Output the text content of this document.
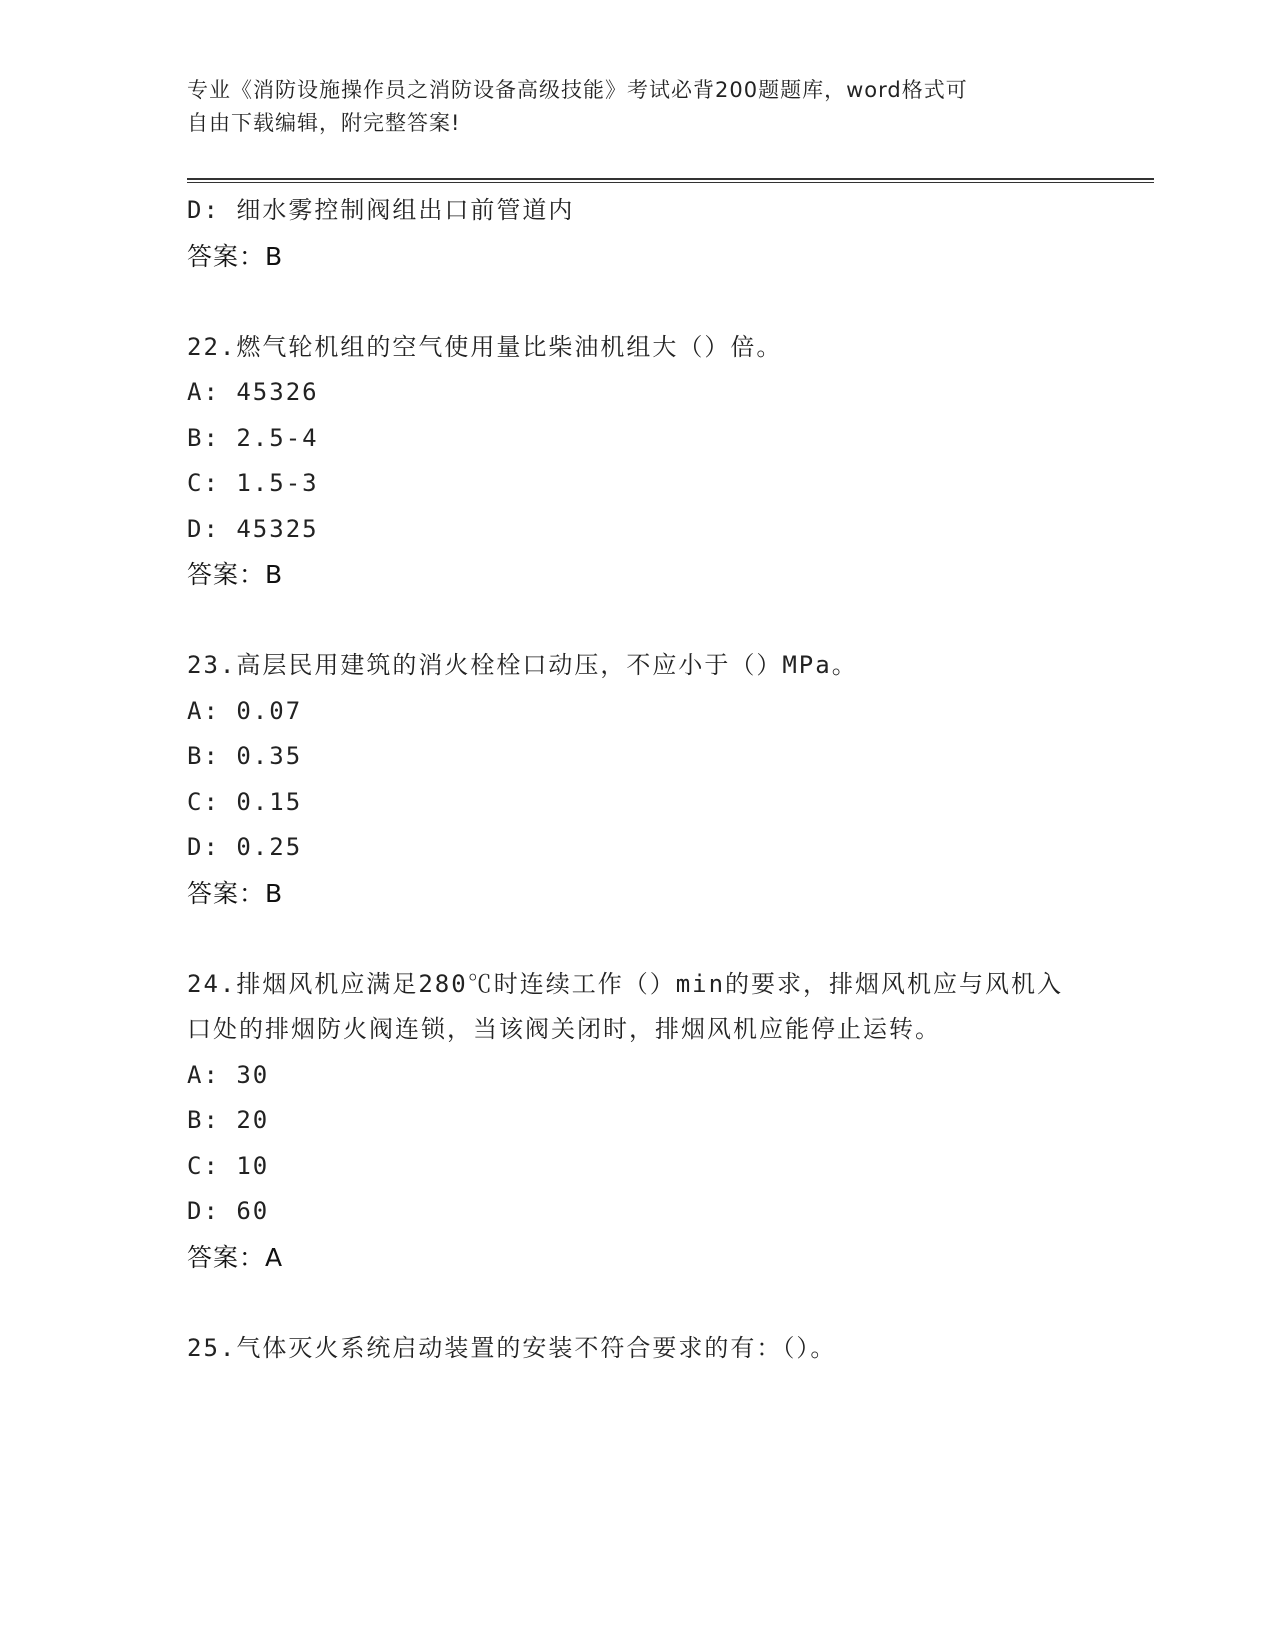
专业《消防设施操作员之消防设备高级技能》考试必背200题题库，word格式可
自由下载编辑，附完整答案!
D: 细水雾控制阀组出口前管道内
答案：B
22.燃气轮机组的空气使用量比柴油机组大（）倍。
A: 45326
B: 2.5-4
C: 1.5-3
D: 45325
答案：B
23.高层民用建筑的消火栓栓口动压，不应小于（）MPa。
A: 0.07
B: 0.35
C: 0.15
D: 0.25
答案：B
24.排烟风机应满足280℃时连续工作（）min的要求，排烟风机应与风机入口处的排烟防火阀连锁，当该阀关闭时，排烟风机应能停止运转。
A: 30
B: 20
C: 10
D: 60
答案：A
25.气体灭火系统启动装置的安装不符合要求的有：（）。
